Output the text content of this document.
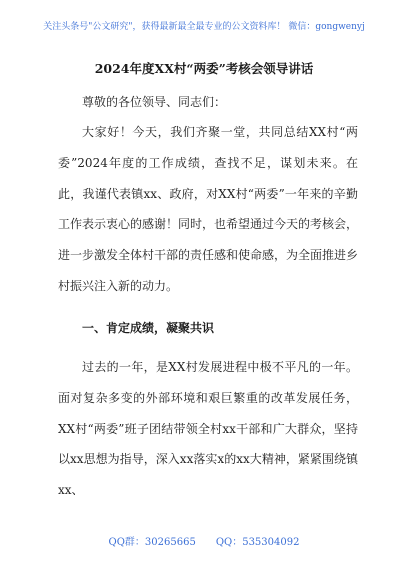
关注头条号"公文研究"，获得最新最全最专业的公文资料库！ 微信：gongwenyj
2024年度XX村“两委”考核会领导讲话

尊敬的各位领导、同志们：

大家好！今天，我们齐聚一堂，共同总结XX村“两委”2024年度的工作成绩，查找不足，谋划未来。在此，我谨代表镇xx、政府，对XX村“两委”一年来的辛勤工作表示衷心的感谢！同时，也希望通过今天的考核会，进一步激发全体村干部的责任感和使命感，为全面推进乡村振兴注入新的动力。

一、肯定成绩，凝聚共识

过去的一年，是XX村发展进程中极不平凡的一年。面对复杂多变的外部环境和艰巨繁重的改革发展任务，XX村“两委”班子团结带领全村xx干部和广大群众，坚持以xx思想为指导，深入xx落实x的xx大精神，紧紧围绕镇xx、

QQ群：30265665 QQ：535304092
